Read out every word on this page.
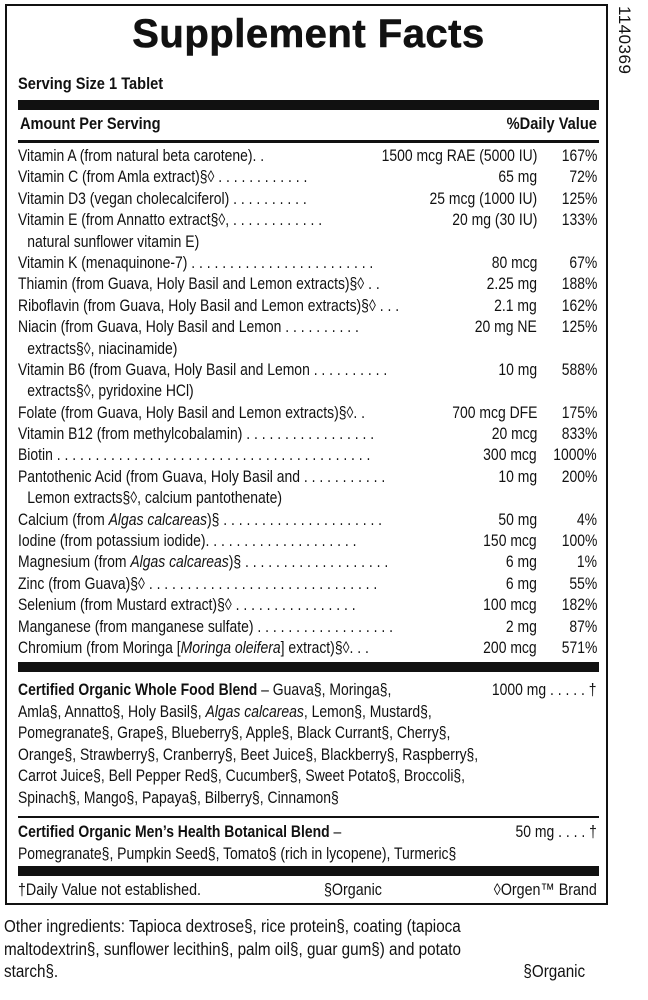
Supplement Facts
Serving Size 1 Tablet
Amount Per Serving	%Daily Value
Vitamin A (from natural beta carotene). .	1500 mcg RAE (5000 IU) 167%
Vitamin C (from Amla extract)§◊ . . . . . . . . . . . .	65 mg 72%
Vitamin D3 (vegan cholecalciferol) . . . . . . . . . .	25 mcg (1000 IU) 125%
Vitamin E (from Annatto extract§◊, . . . . . . . . . . . .	20 mg (30 IU) 133%
natural sunflower vitamin E)
Vitamin K (menaquinone-7) . . . . . . . . . . . . . . . . . . . . . . . .	80 mcg 67%
Thiamin (from Guava, Holy Basil and Lemon extracts)§◊ . .	2.25 mg 188%
Riboflavin (from Guava, Holy Basil and Lemon extracts)§◊ . . .	2.1 mg 162%
Niacin (from Guava, Holy Basil and Lemon . . . . . . . . . .	20 mg NE 125%
extracts§◊, niacinamide)
Vitamin B6 (from Guava, Holy Basil and Lemon . . . . . . . . . .	10 mg 588%
extracts§◊, pyridoxine HCl)
Folate (from Guava, Holy Basil and Lemon extracts)§◊. .	700 mcg DFE 175%
Vitamin B12 (from methylcobalamin) . . . . . . . . . . . . . . . . .	20 mcg 833%
Biotin . . . . . . . . . . . . . . . . . . . . . . . . . . . . . . . . . . . . . . . . .	300 mcg 1000%
Pantothenic Acid (from Guava, Holy Basil and . . . . . . . . . . .	10 mg 200%
Lemon extracts§◊, calcium pantothenate)
Calcium (from Algas calcareas)§ . . . . . . . . . . . . . . . . . . . . .	50 mg 4%
Iodine (from potassium iodide). . . . . . . . . . . . . . . . . . . .	150 mcg 100%
Magnesium (from Algas calcareas)§ . . . . . . . . . . . . . . . . . . .	6 mg 1%
Zinc (from Guava)§◊ . . . . . . . . . . . . . . . . . . . . . . . . . . . . . .	6 mg 55%
Selenium (from Mustard extract)§◊ . . . . . . . . . . . . . . . .	100 mcg 182%
Manganese (from manganese sulfate) . . . . . . . . . . . . . . . . . .	2 mg 87%
Chromium (from Moringa [Moringa oleifera] extract)§◊. . .	200 mcg 571%
Certified Organic Whole Food Blend – Guava§, Moringa§,	1000 mg . . . . . †
Amla§, Annatto§, Holy Basil§, Algas calcareas, Lemon§, Mustard§,
Pomegranate§, Grape§, Blueberry§, Apple§, Black Currant§, Cherry§,
Orange§, Strawberry§, Cranberry§, Beet Juice§, Blackberry§, Raspberry§,
Carrot Juice§, Bell Pepper Red§, Cucumber§, Sweet Potato§, Broccoli§,
Spinach§, Mango§, Papaya§, Bilberry§, Cinnamon§
Certified Organic Men’s Health Botanical Blend –	50 mg . . . . †
Pomegranate§, Pumpkin Seed§, Tomato§ (rich in lycopene), Turmeric§
†Daily Value not established.	§Organic	◊Orgen™ Brand
1140369
Other ingredients: Tapioca dextrose§, rice protein§, coating (tapioca
maltodextrin§, sunflower lecithin§, palm oil§, guar gum§) and potato
starch§.	§Organic
